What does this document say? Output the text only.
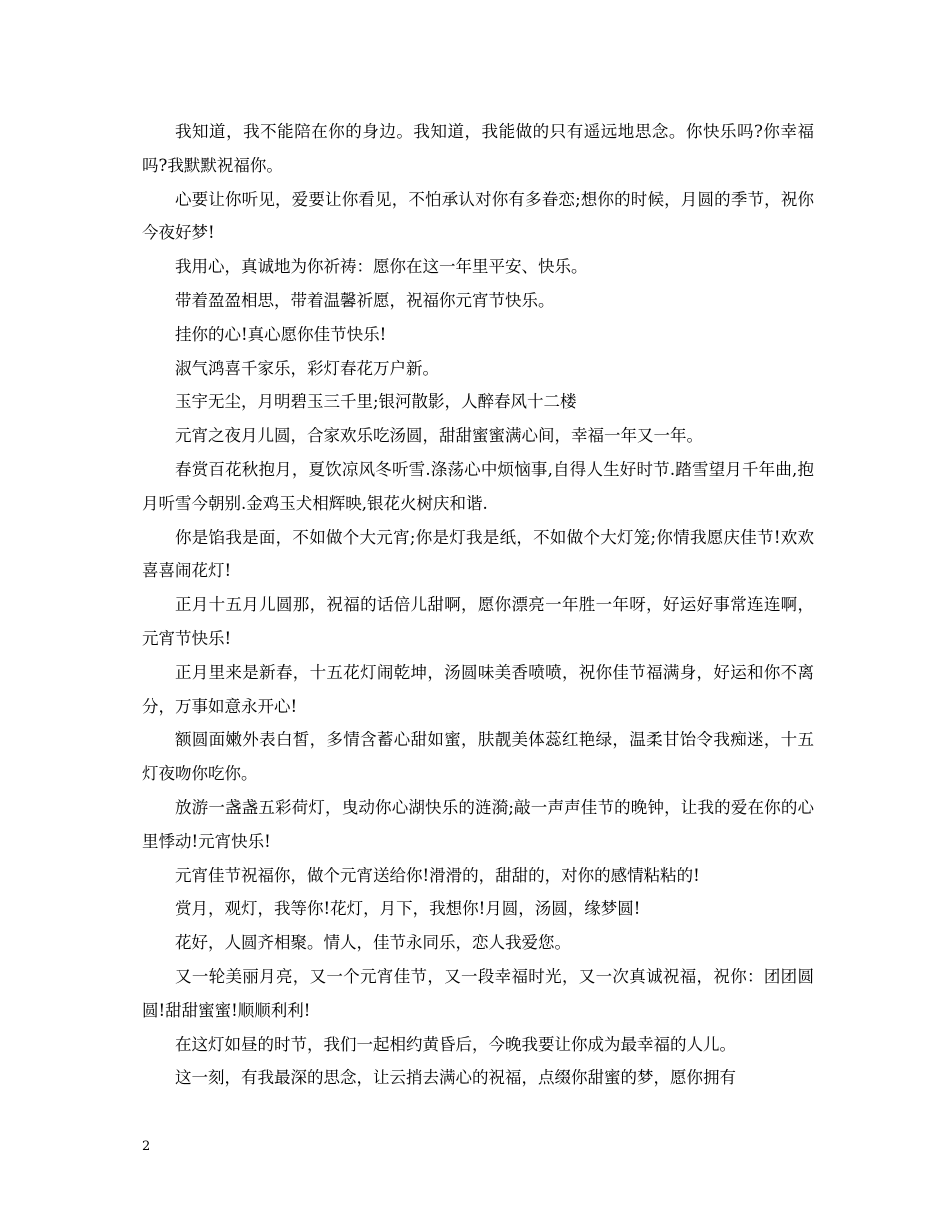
我知道，我不能陪在你的身边。我知道，我能做的只有遥远地思念。你快乐吗?你幸福吗?我默默祝福你。

心要让你听见，爱要让你看见，不怕承认对你有多眷恋;想你的时候，月圆的季节，祝你今夜好梦!

我用心，真诚地为你祈祷：愿你在这一年里平安、快乐。

带着盈盈相思，带着温馨祈愿，祝福你元宵节快乐。

挂你的心!真心愿你佳节快乐!

淑气鸿喜千家乐，彩灯春花万户新。

玉宇无尘，月明碧玉三千里;银河散影，人醉春风十二楼

元宵之夜月儿圆，合家欢乐吃汤圆，甜甜蜜蜜满心间，幸福一年又一年。

春赏百花秋抱月，夏饮凉风冬听雪.涤荡心中烦恼事,自得人生好时节.踏雪望月千年曲,抱月听雪今朝别.金鸡玉犬相辉映,银花火树庆和谐.

你是馅我是面，不如做个大元宵;你是灯我是纸，不如做个大灯笼;你情我愿庆佳节!欢欢喜喜闹花灯!

正月十五月儿圆那，祝福的话倍儿甜啊，愿你漂亮一年胜一年呀，好运好事常连连啊，元宵节快乐!

正月里来是新春，十五花灯闹乾坤，汤圆味美香喷喷，祝你佳节福满身，好运和你不离分，万事如意永开心!

额圆面嫩外表白皙，多情含蓄心甜如蜜，肤靓美体蕊红艳绿，温柔甘饴令我痴迷，十五灯夜吻你吃你。

放游一盏盏五彩荷灯，曳动你心湖快乐的涟漪;敲一声声佳节的晚钟，让我的爱在你的心里悸动!元宵快乐!

元宵佳节祝福你，做个元宵送给你!滑滑的，甜甜的，对你的感情粘粘的!

赏月，观灯，我等你!花灯，月下，我想你!月圆，汤圆，缘梦圆!

花好，人圆齐相聚。情人，佳节永同乐，恋人我爱您。

又一轮美丽月亮，又一个元宵佳节，又一段幸福时光，又一次真诚祝福，祝你：团团圆圆!甜甜蜜蜜!顺顺利利!

在这灯如昼的时节，我们一起相约黄昏后，今晚我要让你成为最幸福的人儿。

这一刻，有我最深的思念，让云捎去满心的祝福，点缀你甜蜜的梦，愿你拥有

2
